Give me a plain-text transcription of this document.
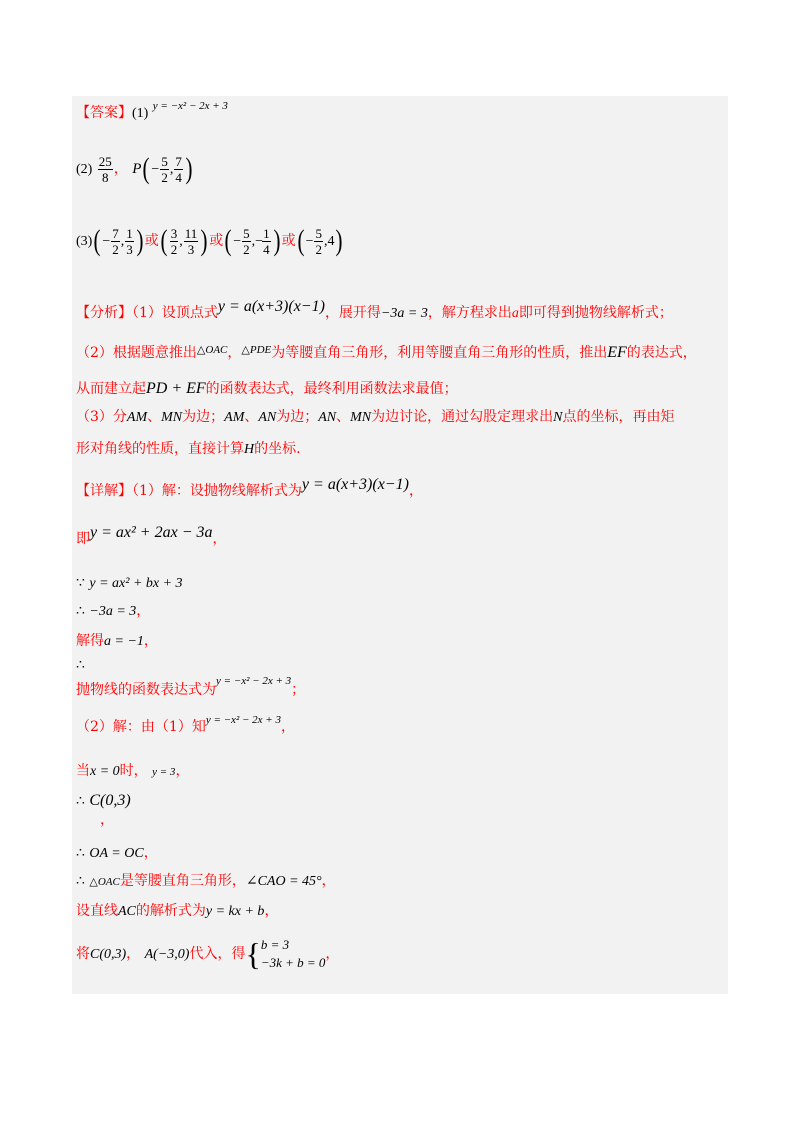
【答案】(1) $^{y = -x^2 - 2x + 3}$
$(2) \frac{25}{8}$ ， $P( - \frac{5}{2}$ , $\frac{7}{4}$ )
$(3)( - \frac{7}{2}$ , $\frac{1}{3}$ ) 或( $\frac{3}{2}$ , $\frac{11}{3}$ ) 或( − $\frac{5}{2}$ ,− $\frac{1}{4}$ ) 或( − $\frac{5}{2} ,4$)
【分析】（1）设顶点式y = a(x+3)(x−1)，展开得−3a = 3，解方程求出a即可得到抛物线解析式；
（2）根据题意推出$^{\triangle OAC}$，$^{\triangle PDE}$为等腰直角三角形，利用等腰直角三角形的性质，推出EF的表达式，
从而建立起PD + EF的函数表达式，最终利用函数法求最值；
（3）分AM、MN为边；AM、AN为边；AN、MN为边讨论，通过勾股定理求出N点的坐标，再由矩
形对角线的性质，直接计算H的坐标.
【详解】（1）解：设抛物线解析式为y = a(x+3)(x−1)，
即y = ax² + 2ax − 3a，
∵ y = ax² + bx + 3
∴ −3a = 3，
解得a = −1，
∴
抛物线的函数表达式为$^{y = -x^2 - 2x + 3}$；
（2）解：由（1）知$^{y = -x^2 - 2x + 3}$，
当x = 0时， y = 3，
∴ C(0,3)
，
∴ OA = OC，
∴ △OAC是等腰直角三角形，∠CAO = 45°，
设直线AC的解析式为y = kx + b，
将C(0,3)， A(−3,0)代入，得{ b = 3
−3k + b = 0
，
